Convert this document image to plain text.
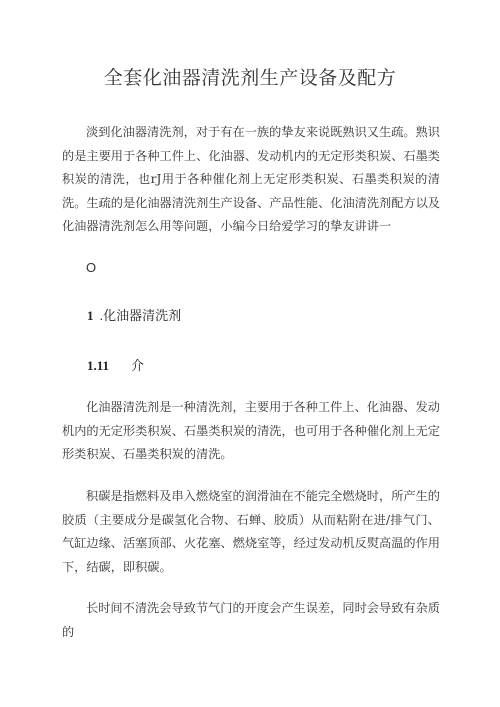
全套化油器清洗剂生产设备及配方

淡到化油器清洗剂，对于有在一族的挚友来说既熟识又生疏。熟识的是主要用于各种工件上、化油器、发动机内的无定形类积炭、石墨类积炭的清洗，也rJ用于各种催化剂上无定形类积炭、石墨类积炭的清洗。生疏的是化油器清洗剂生产设备、产品性能、化油清洗剂配方以及化油器清洗剂怎么用等问题，小编今日给爱学习的挚友讲讲一

O
1 .化油器清洗剂
1.11 介

化油器清洗剂是一种清洗剂，主要用于各种工件上、化油器、发动机内的无定形类积炭、石墨类积炭的清洗，也可用于各种催化剂上无定形类积炭、石墨类积炭的清洗。

积碳是指燃料及串入燃烧室的润滑油在不能完全燃烧时，所产生的胶质（主要成分是碳氢化合物、石蝉、胶质）从而粘附在进/排气门、气缸边缘、活塞顶部、火花塞、燃烧室等，经过发动机反熨高温的作用下，结碳，即积碳。

长时间不清洗会导致节气门的开度会产生误差，同时会导致有杂质的
